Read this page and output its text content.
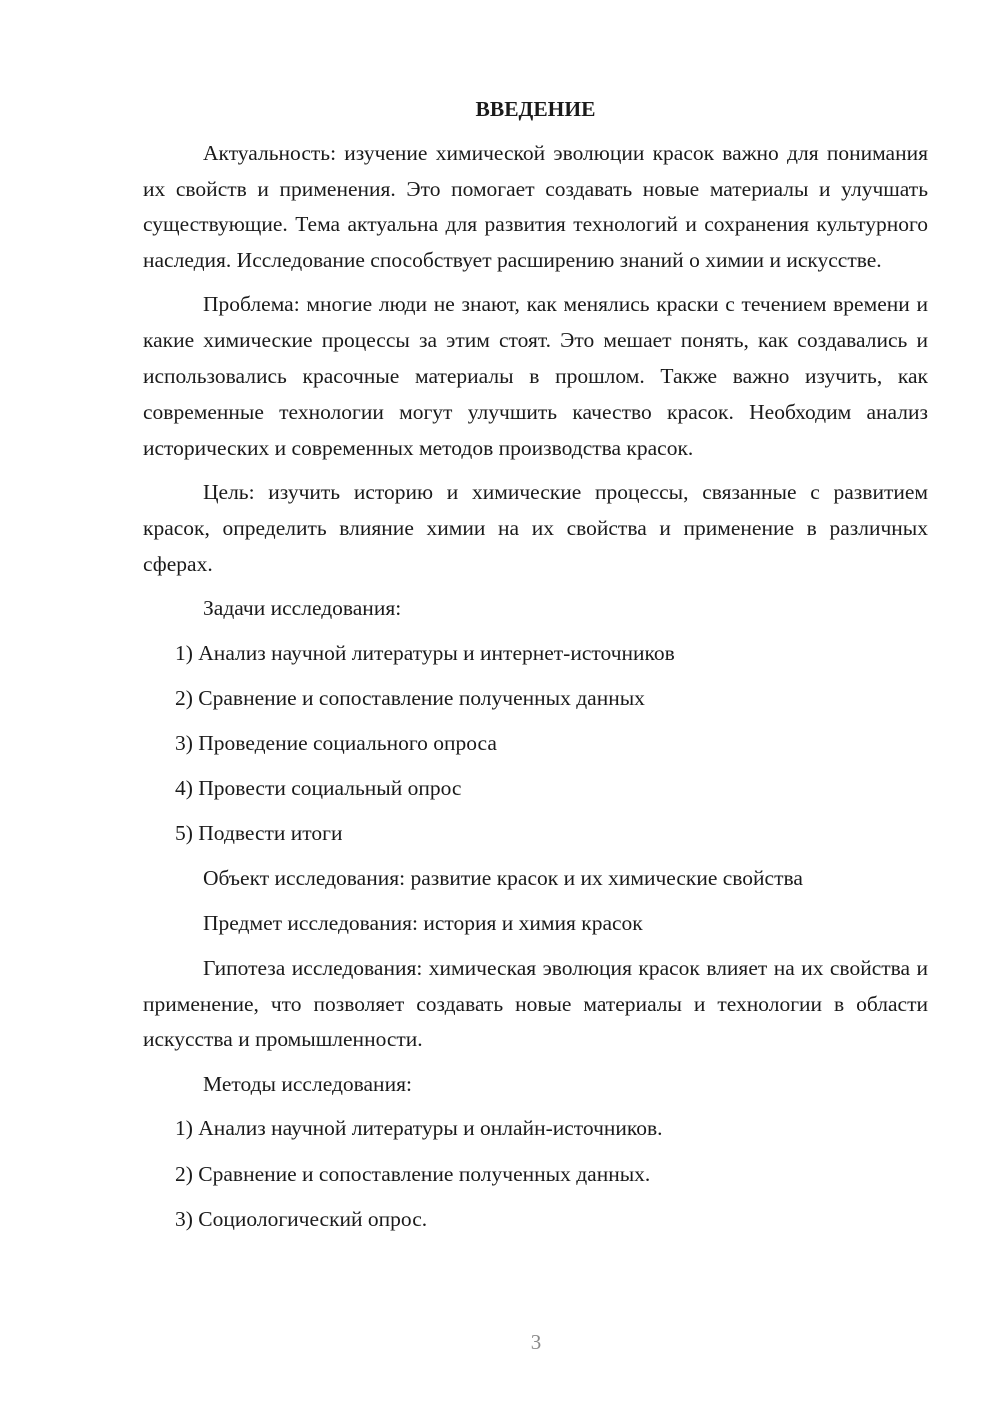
ВВЕДЕНИЕ

Актуальность: изучение химической эволюции красок важно для понимания их свойств и применения. Это помогает создавать новые материалы и улучшать существующие. Тема актуальна для развития технологий и сохранения культурного наследия. Исследование способствует расширению знаний о химии и искусстве.

Проблема: многие люди не знают, как менялись краски с течением времени и какие химические процессы за этим стоят. Это мешает понять, как создавались и использовались красочные материалы в прошлом. Также важно изучить, как современные технологии могут улучшить качество красок. Необходим анализ исторических и современных методов производства красок.

Цель: изучить историю и химические процессы, связанные с развитием красок, определить влияние химии на их свойства и применение в различных сферах.

Задачи исследования:
1) Анализ научной литературы и интернет-источников
2) Сравнение и сопоставление полученных данных
3) Проведение социального опроса
4) Провести социальный опрос
5) Подвести итоги
Объект исследования: развитие красок и их химические свойства
Предмет исследования: история и химия красок

Гипотеза исследования: химическая эволюция красок влияет на их свойства и применение, что позволяет создавать новые материалы и технологии в области искусства и промышленности.

Методы исследования:
1) Анализ научной литературы и онлайн-источников.
2) Сравнение и сопоставление полученных данных.
3) Социологический опрос.
3
